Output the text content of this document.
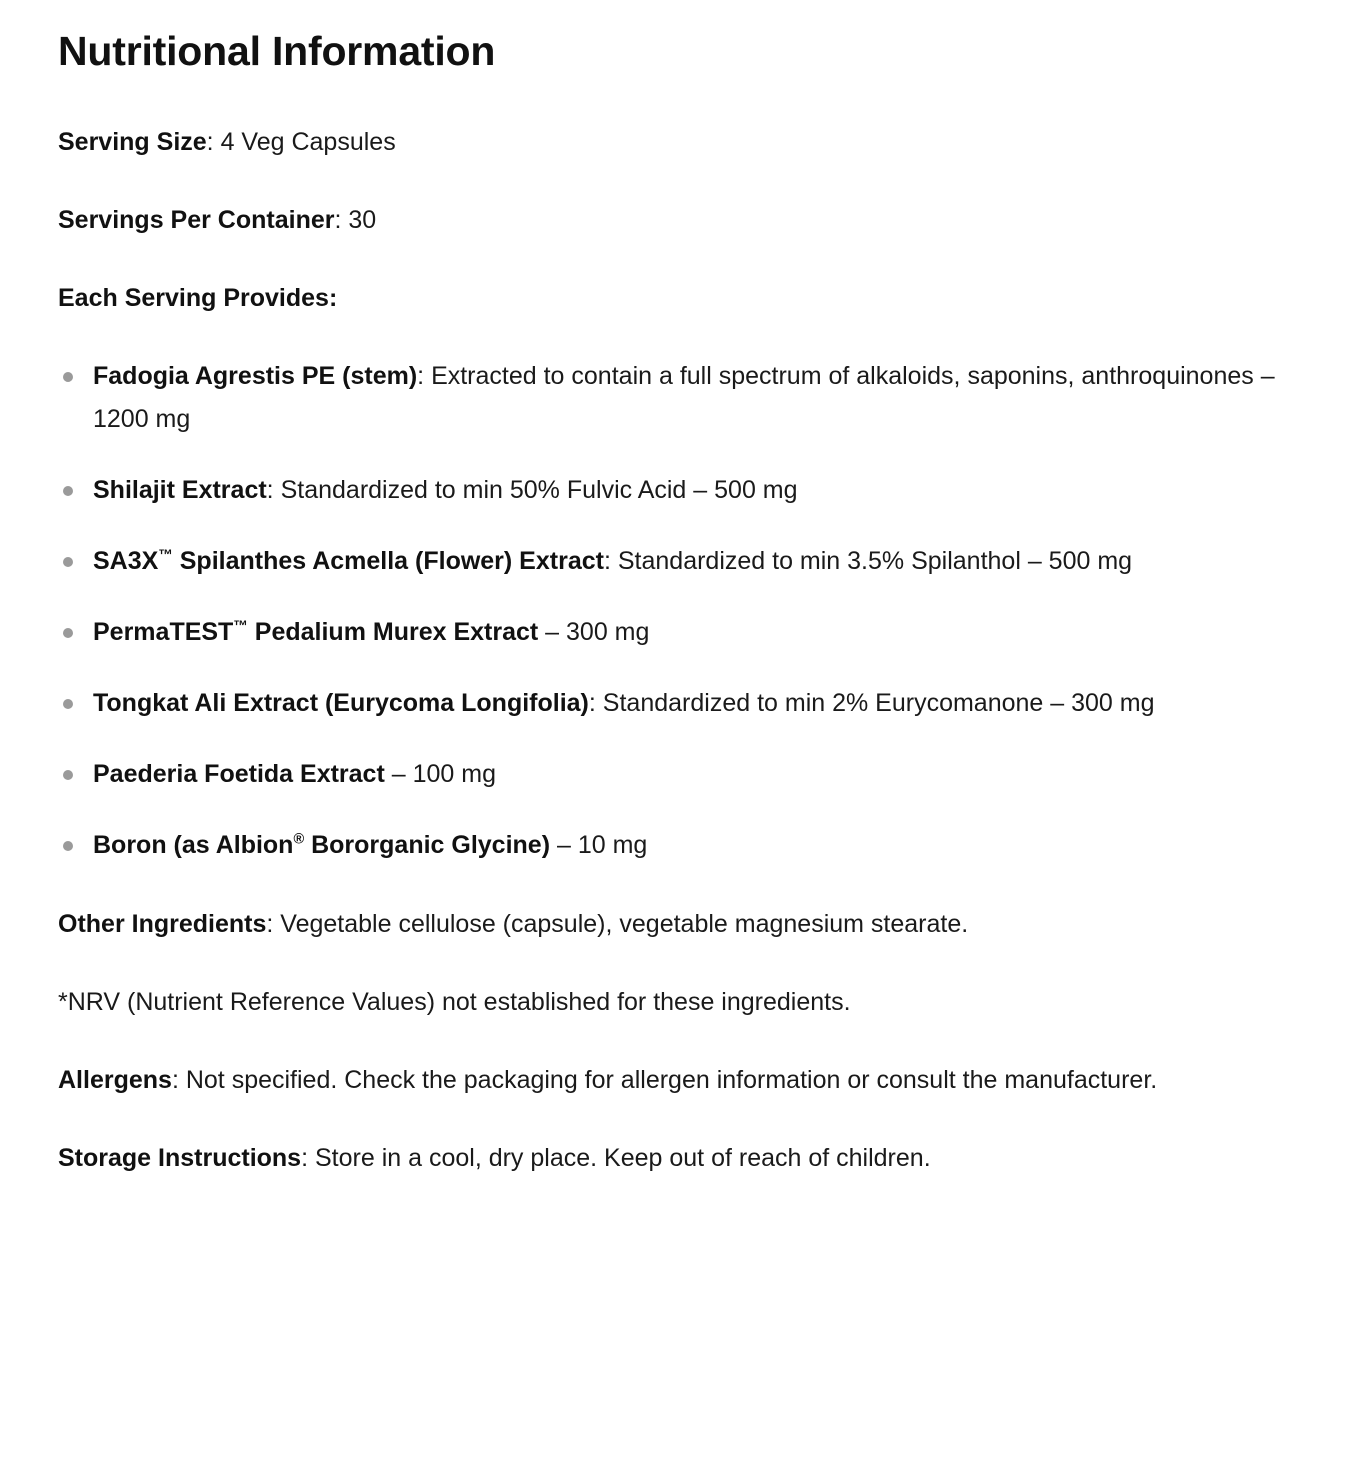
Nutritional Information

Serving Size: 4 Veg Capsules

Servings Per Container: 30

Each Serving Provides:

Fadogia Agrestis PE (stem): Extracted to contain a full spectrum of alkaloids, saponins, anthroquinones – 1200 mg
Shilajit Extract: Standardized to min 50% Fulvic Acid – 500 mg
SA3X™ Spilanthes Acmella (Flower) Extract: Standardized to min 3.5% Spilanthol – 500 mg
PermaTEST™ Pedalium Murex Extract – 300 mg
Tongkat Ali Extract (Eurycoma Longifolia): Standardized to min 2% Eurycomanone – 300 mg
Paederia Foetida Extract – 100 mg
Boron (as Albion® Bororganic Glycine) – 10 mg

Other Ingredients: Vegetable cellulose (capsule), vegetable magnesium stearate.

*NRV (Nutrient Reference Values) not established for these ingredients.

Allergens: Not specified. Check the packaging for allergen information or consult the manufacturer.

Storage Instructions: Store in a cool, dry place. Keep out of reach of children.
